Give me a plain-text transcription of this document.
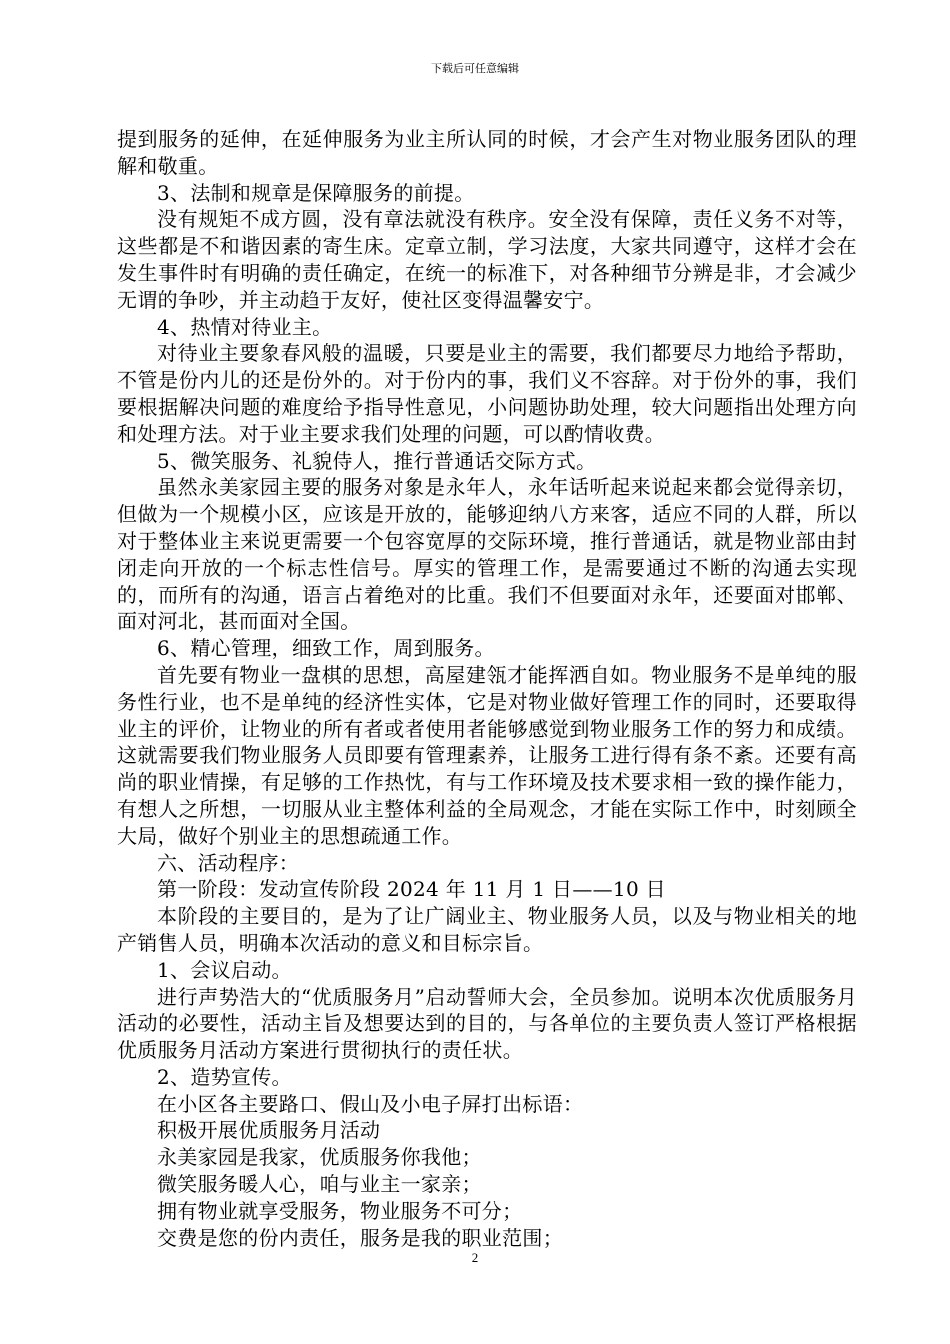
下载后可任意编辑

提到服务的延伸，在延伸服务为业主所认同的时候，才会产生对物业服务团队的理解和敬重。

3、法制和规章是保障服务的前提。

没有规矩不成方圆，没有章法就没有秩序。安全没有保障，责任义务不对等，这些都是不和谐因素的寄生床。定章立制，学习法度，大家共同遵守，这样才会在发生事件时有明确的责任确定，在统一的标准下，对各种细节分辨是非，才会减少无谓的争吵，并主动趋于友好，使社区变得温馨安宁。

4、热情对待业主。

对待业主要象春风般的温暖，只要是业主的需要，我们都要尽力地给予帮助，不管是份内儿的还是份外的。对于份内的事，我们义不容辞。对于份外的事，我们要根据解决问题的难度给予指导性意见，小问题协助处理，较大问题指出处理方向和处理方法。对于业主要求我们处理的问题，可以酌情收费。

5、微笑服务、礼貌侍人，推行普通话交际方式。

虽然永美家园主要的服务对象是永年人，永年话听起来说起来都会觉得亲切，但做为一个规模小区，应该是开放的，能够迎纳八方来客，适应不同的人群，所以对于整体业主来说更需要一个包容宽厚的交际环境，推行普通话，就是物业部由封闭走向开放的一个标志性信号。厚实的管理工作，是需要通过不断的沟通去实现的，而所有的沟通，语言占着绝对的比重。我们不但要面对永年，还要面对邯郸、面对河北，甚而面对全国。

6、精心管理，细致工作，周到服务。

首先要有物业一盘棋的思想，高屋建瓴才能挥洒自如。物业服务不是单纯的服务性行业，也不是单纯的经济性实体，它是对物业做好管理工作的同时，还要取得业主的评价，让物业的所有者或者使用者能够感觉到物业服务工作的努力和成绩。这就需要我们物业服务人员即要有管理素养，让服务工进行得有条不紊。还要有高尚的职业情操，有足够的工作热忱，有与工作环境及技术要求相一致的操作能力，有想人之所想，一切服从业主整体利益的全局观念，才能在实际工作中，时刻顾全大局，做好个别业主的思想疏通工作。

六、活动程序：

第一阶段：发动宣传阶段 2024 年 11 月 1 日——10 日

本阶段的主要目的，是为了让广阔业主、物业服务人员，以及与物业相关的地产销售人员，明确本次活动的意义和目标宗旨。

1、会议启动。

进行声势浩大的“优质服务月”启动誓师大会，全员参加。说明本次优质服务月活动的必要性，活动主旨及想要达到的目的，与各单位的主要负责人签订严格根据优质服务月活动方案进行贯彻执行的责任状。

2、造势宣传。

在小区各主要路口、假山及小电子屏打出标语：

积极开展优质服务月活动

永美家园是我家，优质服务你我他；

微笑服务暖人心，咱与业主一家亲；

拥有物业就享受服务，物业服务不可分；

交费是您的份内责任，服务是我的职业范围；

2
